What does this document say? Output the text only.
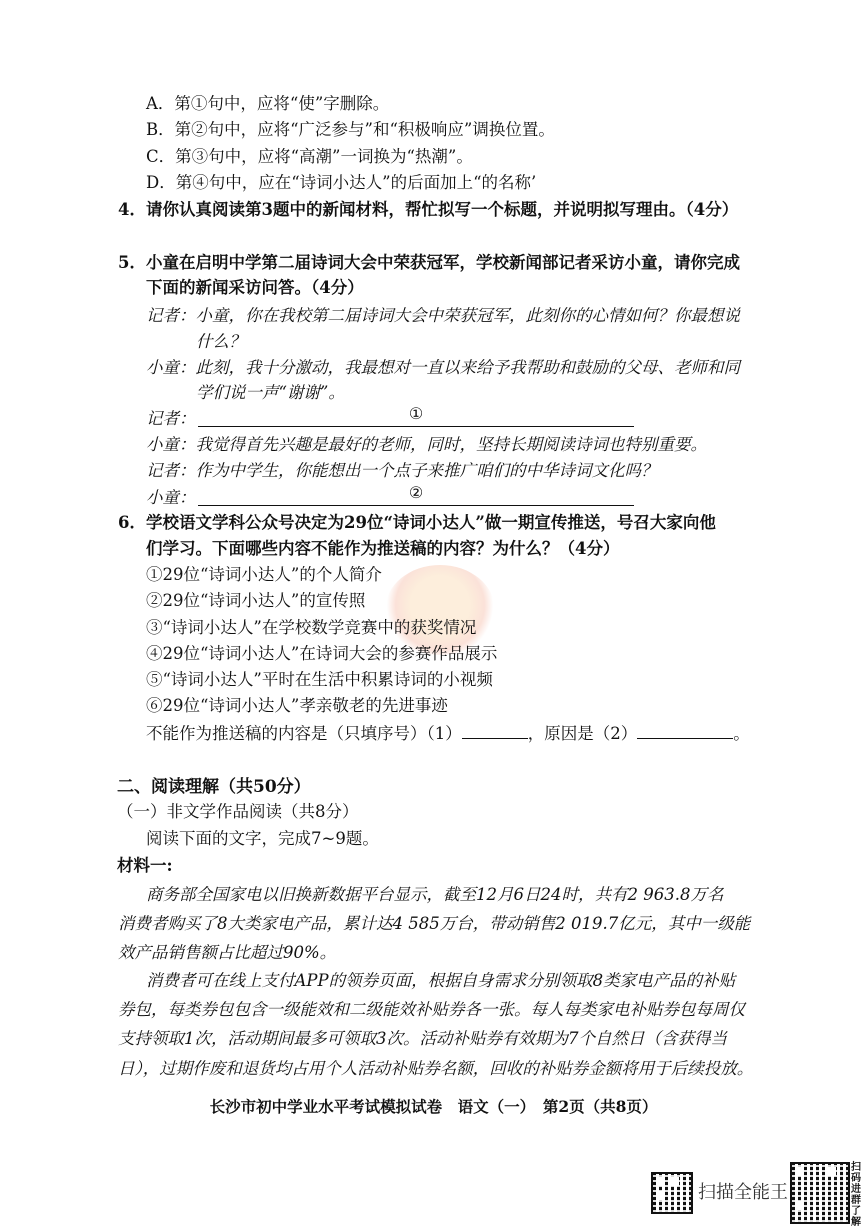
A．第①句中，应将“使”字删除。
B．第②句中，应将“广泛参与”和“积极响应”调换位置。
C．第③句中，应将“高潮”一词换为“热潮”。
D．第④句中，应在“诗词小达人”的后面加上“的名称’
4．请你认真阅读第3题中的新闻材料，帮忙拟写一个标题，并说明拟写理由。（4分）
5．小童在启明中学第二届诗词大会中荣获冠军，学校新闻部记者采访小童，请你完成
下面的新闻采访问答。（4分）
记者：小童，你在我校第二届诗词大会中荣获冠军，此刻你的心情如何？你最想说
什么？
小童：此刻，我十分激动，我最想对一直以来给予我帮助和鼓励的父母、老师和同
学们说一声“谢谢”。
记者：	①
小童：我觉得首先兴趣是最好的老师，同时，坚持长期阅读诗词也特别重要。
记者：作为中学生，你能想出一个点子来推广咱们的中华诗词文化吗？
小童：	②
6．学校语文学科公众号决定为29位“诗词小达人”做一期宣传推送，号召大家向他
们学习。下面哪些内容不能作为推送稿的内容？为什么？（4分）
①29位“诗词小达人”的个人简介
②29位“诗词小达人”的宣传照
③“诗词小达人”在学校数学竞赛中的获奖情况
④29位“诗词小达人”在诗词大会的参赛作品展示
⑤“诗词小达人”平时在生活中积累诗词的小视频
⑥29位“诗词小达人”孝亲敬老的先进事迹
不能作为推送稿的内容是（只填序号）（1）	，原因是（2）	。
二、阅读理解（共50分）
（一）非文学作品阅读（共8分）
阅读下面的文字，完成7~9题。
材料一:
商务部全国家电以旧换新数据平台显示，截至12月6日24时，共有2 963.8万名
消费者购买了8大类家电产品，累计达4 585万台，带动销售2 019.7亿元，其中一级能
效产品销售额占比超过90%。
消费者可在线上支付APP的领券页面，根据自身需求分别领取8类家电产品的补贴
券包，每类券包包含一级能效和二级能效补贴券各一张。每人每类家电补贴券包每周仅
支持领取1次，活动期间最多可领取3次。活动补贴券有效期为7个自然日（含获得当
日），过期作废和退货均占用个人活动补贴券名额，回收的补贴券金额将用于后续投放。
长沙市初中学业水平考试模拟试卷　语文（一）　第2页（共8页）
扫描全能王
扫码进群了解
